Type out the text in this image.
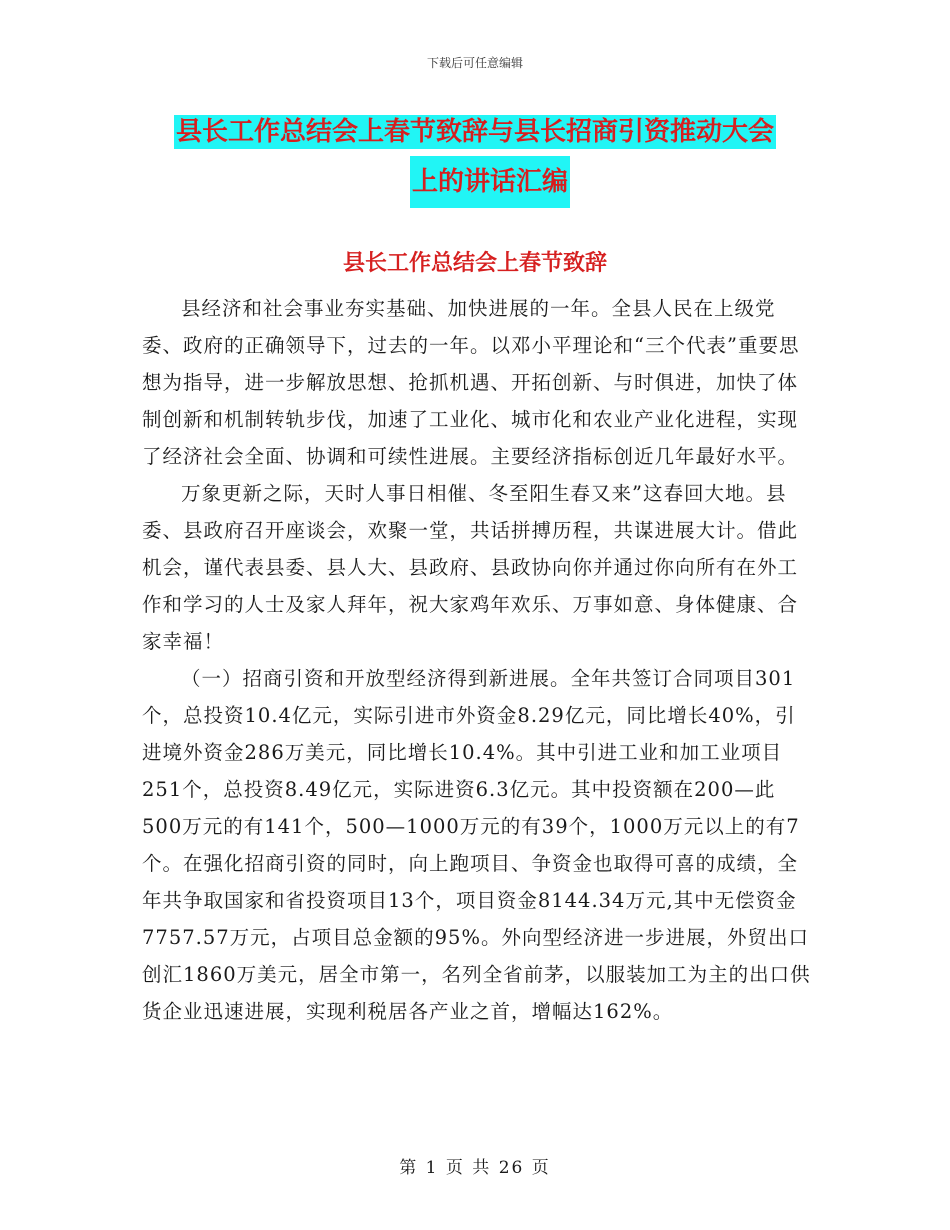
下载后可任意编辑
县长工作总结会上春节致辞与县长招商引资推动大会
上的讲话汇编
县长工作总结会上春节致辞

县经济和社会事业夯实基础、加快进展的一年。全县人民在上级党委、政府的正确领导下，过去的一年。以邓小平理论和“三个代表”重要思想为指导，进一步解放思想、抢抓机遇、开拓创新、与时俱进，加快了体制创新和机制转轨步伐，加速了工业化、城市化和农业产业化进程，实现了经济社会全面、协调和可续性进展。主要经济指标创近几年最好水平。

万象更新之际，天时人事日相催、冬至阳生春又来”这春回大地。县委、县政府召开座谈会，欢聚一堂，共话拼搏历程，共谋进展大计。借此机会，谨代表县委、县人大、县政府、县政协向你并通过你向所有在外工作和学习的人士及家人拜年，祝大家鸡年欢乐、万事如意、身体健康、合家幸福！

（一）招商引资和开放型经济得到新进展。全年共签订合同项目301个，总投资10.4亿元，实际引进市外资金8.29亿元，同比增长40%，引进境外资金286万美元，同比增长10.4%。其中引进工业和加工业项目251个，总投资8.49亿元，实际进资6.3亿元。其中投资额在200—此500万元的有141个，500—1000万元的有39个，1000万元以上的有7个。在强化招商引资的同时，向上跑项目、争资金也取得可喜的成绩，全年共争取国家和省投资项目13个，项目资金8144.34万元,其中无偿资金7757.57万元，占项目总金额的95%。外向型经济进一步进展，外贸出口创汇1860万美元，居全市第一，名列全省前茅，以服装加工为主的出口供货企业迅速进展，实现利税居各产业之首，增幅达162%。

第 1 页 共 26 页
